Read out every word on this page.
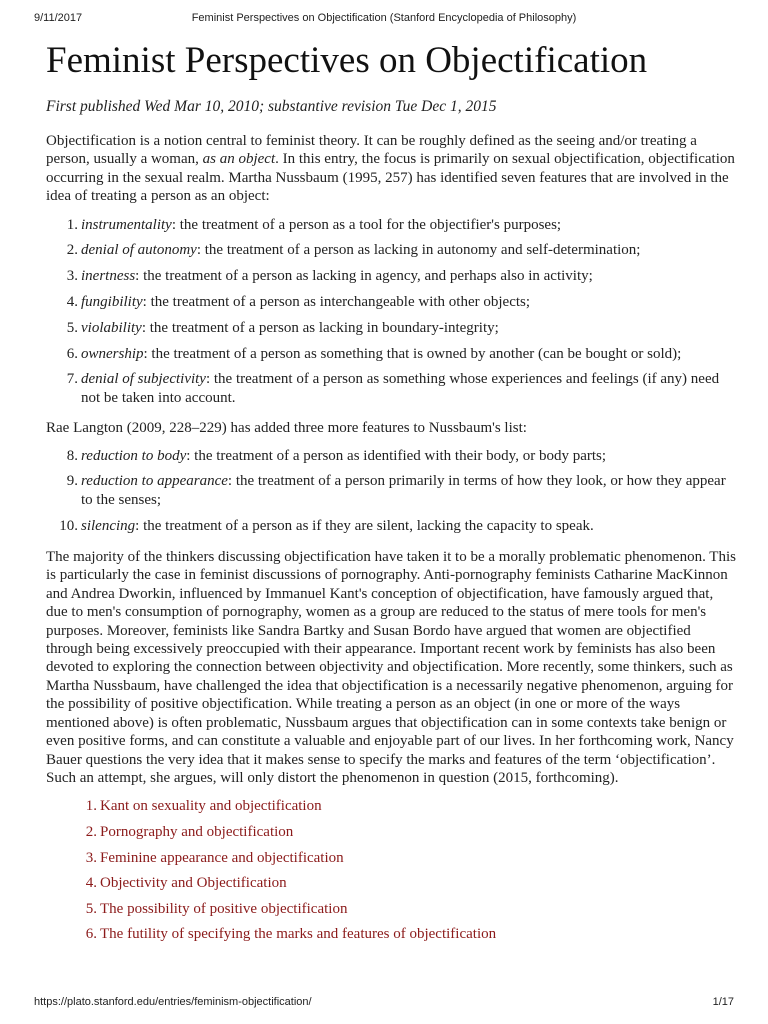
9/11/2017	Feminist Perspectives on Objectification (Stanford Encyclopedia of Philosophy)
Feminist Perspectives on Objectification
First published Wed Mar 10, 2010; substantive revision Tue Dec 1, 2015

Objectification is a notion central to feminist theory. It can be roughly defined as the seeing and/or treating a person, usually a woman, as an object. In this entry, the focus is primarily on sexual objectification, objectification occurring in the sexual realm. Martha Nussbaum (1995, 257) has identified seven features that are involved in the idea of treating a person as an object:

1. instrumentality: the treatment of a person as a tool for the objectifier's purposes;
2. denial of autonomy: the treatment of a person as lacking in autonomy and self-determination;
3. inertness: the treatment of a person as lacking in agency, and perhaps also in activity;
4. fungibility: the treatment of a person as interchangeable with other objects;
5. violability: the treatment of a person as lacking in boundary-integrity;
6. ownership: the treatment of a person as something that is owned by another (can be bought or sold);
7. denial of subjectivity: the treatment of a person as something whose experiences and feelings (if any) need not be taken into account.

Rae Langton (2009, 228–229) has added three more features to Nussbaum's list:

8. reduction to body: the treatment of a person as identified with their body, or body parts;
9. reduction to appearance: the treatment of a person primarily in terms of how they look, or how they appear to the senses;
10. silencing: the treatment of a person as if they are silent, lacking the capacity to speak.

The majority of the thinkers discussing objectification have taken it to be a morally problematic phenomenon. This is particularly the case in feminist discussions of pornography. Anti-pornography feminists Catharine MacKinnon and Andrea Dworkin, influenced by Immanuel Kant's conception of objectification, have famously argued that, due to men's consumption of pornography, women as a group are reduced to the status of mere tools for men's purposes. Moreover, feminists like Sandra Bartky and Susan Bordo have argued that women are objectified through being excessively preoccupied with their appearance. Important recent work by feminists has also been devoted to exploring the connection between objectivity and objectification. More recently, some thinkers, such as Martha Nussbaum, have challenged the idea that objectification is a necessarily negative phenomenon, arguing for the possibility of positive objectification. While treating a person as an object (in one or more of the ways mentioned above) is often problematic, Nussbaum argues that objectification can in some contexts take benign or even positive forms, and can constitute a valuable and enjoyable part of our lives. In her forthcoming work, Nancy Bauer questions the very idea that it makes sense to specify the marks and features of the term ‘objectification’. Such an attempt, she argues, will only distort the phenomenon in question (2015, forthcoming).

1. Kant on sexuality and objectification
2. Pornography and objectification
3. Feminine appearance and objectification
4. Objectivity and Objectification
5. The possibility of positive objectification
6. The futility of specifying the marks and features of objectification
https://plato.stanford.edu/entries/feminism-objectification/	1/17
